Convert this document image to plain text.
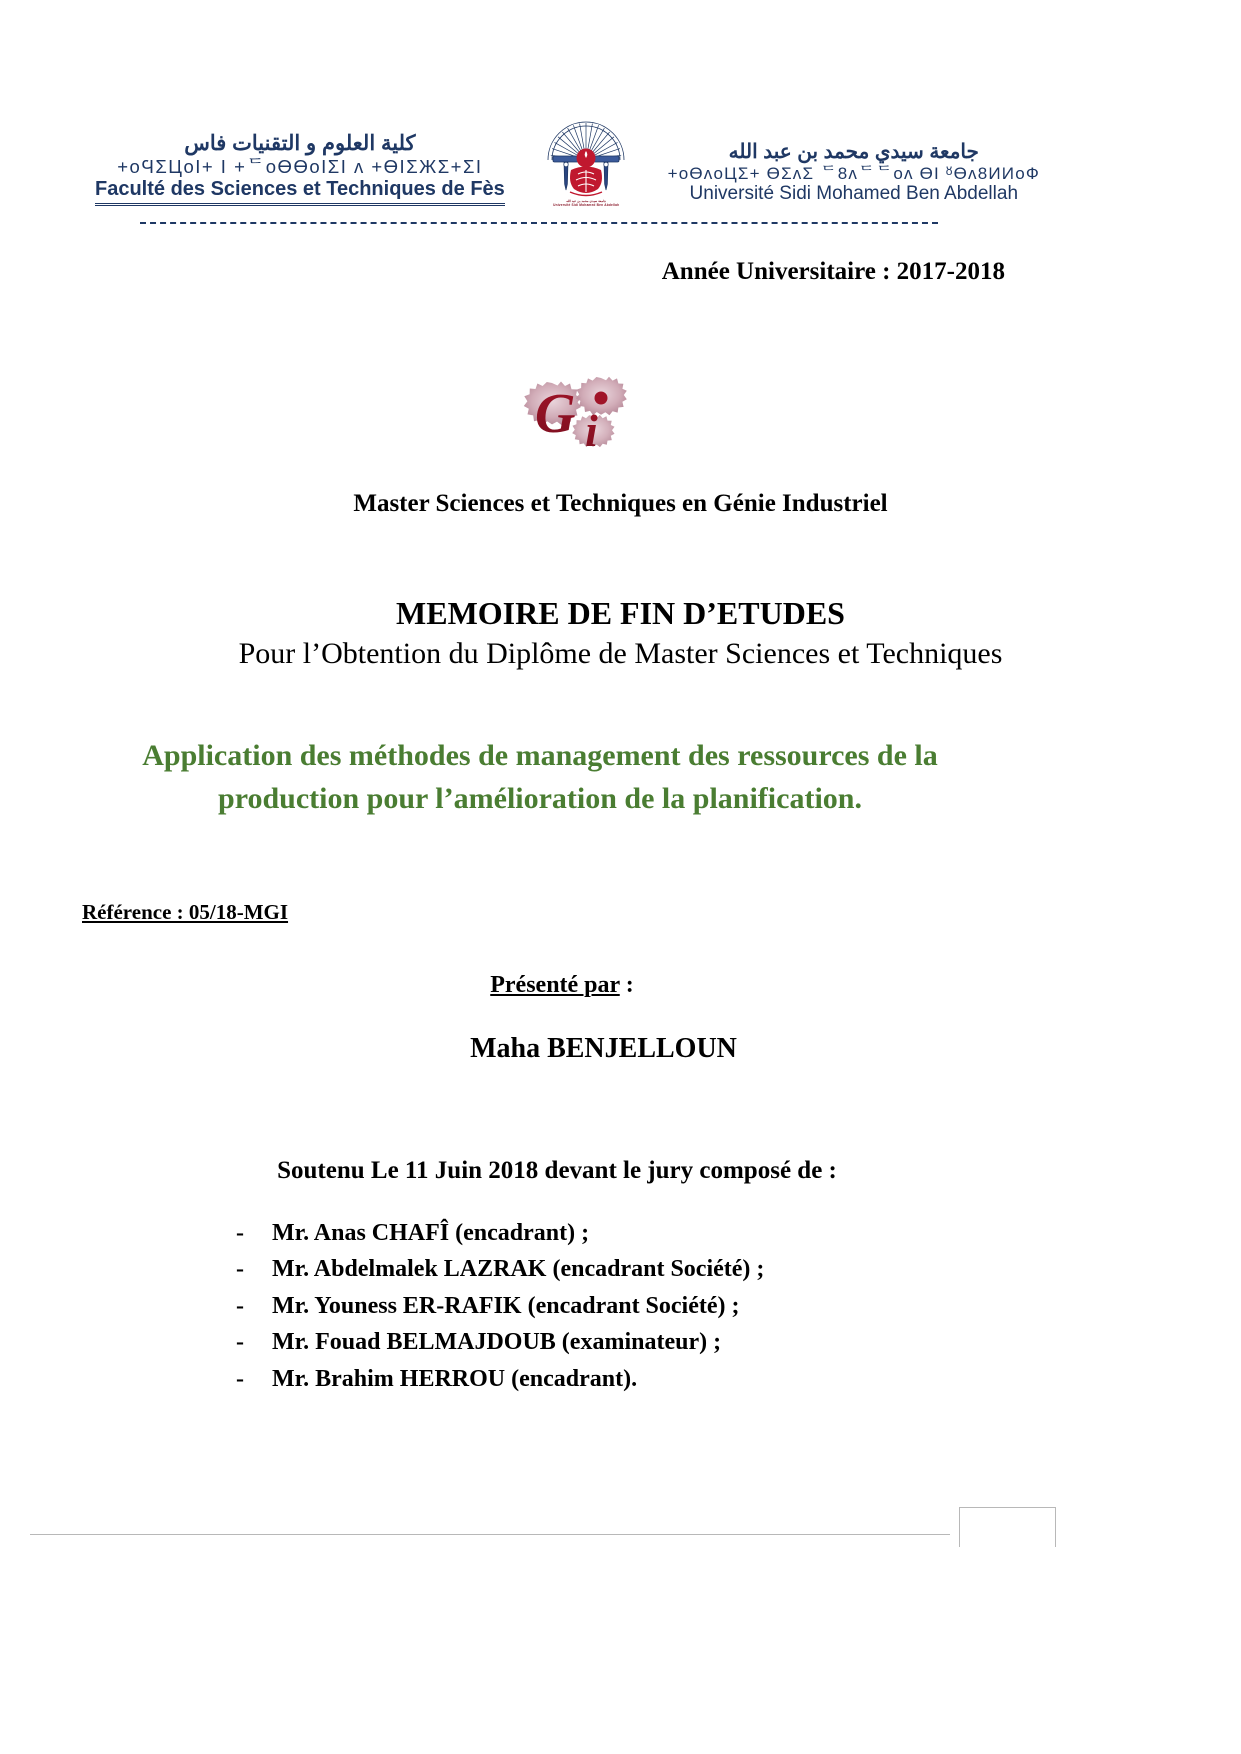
كلية العلوم و التقنيات فاس
+oϤΣЦoI+ I +ᄃoӨӨoIΣI ᴧ +ӨIΣЖΣ+ΣI
Faculté des Sciences et Techniques de Fès
جامعة سيدي محمد بن عبد الله
Université Sidi Mohamed Ben Abdellah
جامعة سيدي محمد بن عبد الله
+oӨᴧoЦΣ+ ӨΣᴧΣ ᄃ8ᴧᄃᄃoᴧ ӨI ᴽӨᴧ8ИИoФ
Université Sidi Mohamed Ben Abdellah
Année Universitaire : 2017-2018
G i
Master Sciences et Techniques en Génie Industriel
MEMOIRE DE FIN D’ETUDES
Pour l’Obtention du Diplôme de Master Sciences et Techniques
Application des méthodes de management des ressources de la production pour l’amélioration de la planification.
Référence : 05/18-MGI
Présenté par :
Maha BENJELLOUN
Soutenu Le 11 Juin 2018 devant le jury composé de :
- Mr. Anas CHAFÎ (encadrant) ;
- Mr. Abdelmalek LAZRAK (encadrant Société) ;
- Mr. Youness ER-RAFIK (encadrant Société) ;
- Mr. Fouad BELMAJDOUB (examinateur) ;
- Mr. Brahim HERROU (encadrant).
